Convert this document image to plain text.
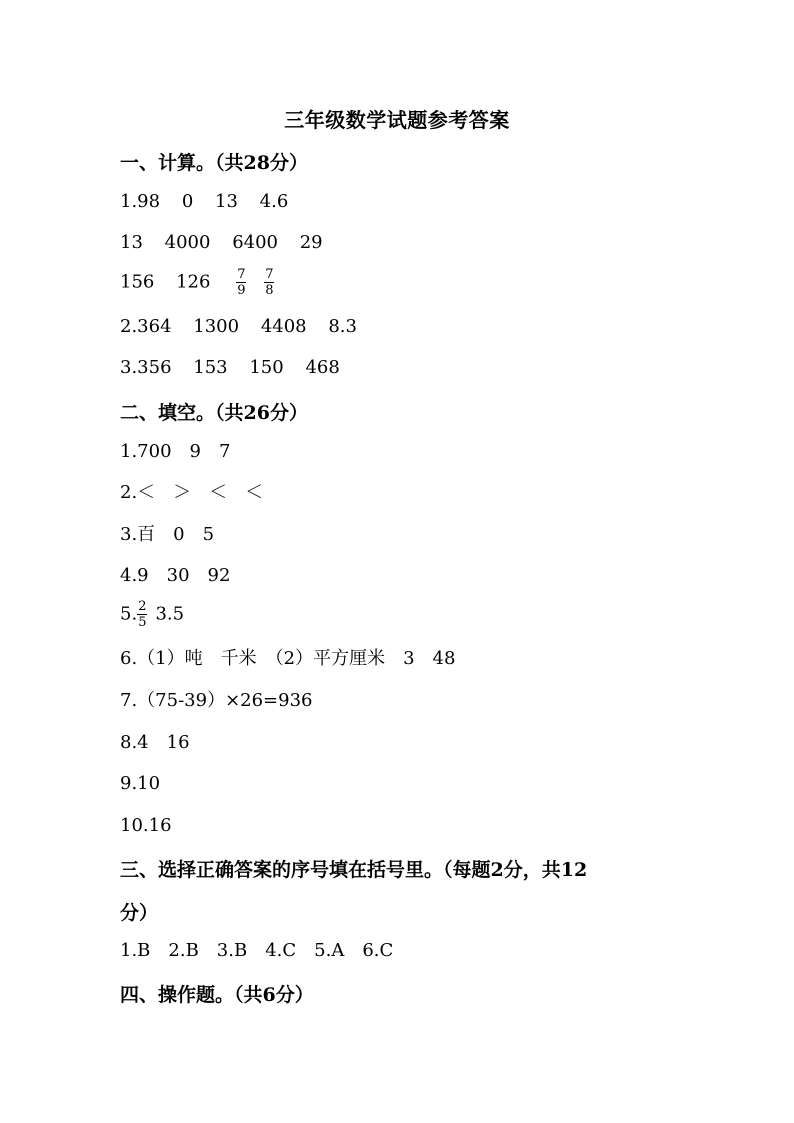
三年级数学试题参考答案
一、计算。（共28分）
1.98 0 13 4.6
13 4000 6400 29
156 $126 \frac{7}{9}$
$\frac{7}{8}$
2.364 1300 4408 8.3
3.356 153 150 468
二、填空。（共26分）
1.700　9　7
2.＜　＞　＜　＜
3.百　0　5
4.9　30　92
5. $\frac{2}{5} 3.5$
6.（1）吨　千米　（2）平方厘米　3　48
7.（75-39）×26=936
8.4　16
9.10
10.16
三、选择正确答案的序号填在括号里。（每题2分，共12
分）
1.B　2.B　3.B　4.C　5.A　6.C
四、操作题。（共6分）
